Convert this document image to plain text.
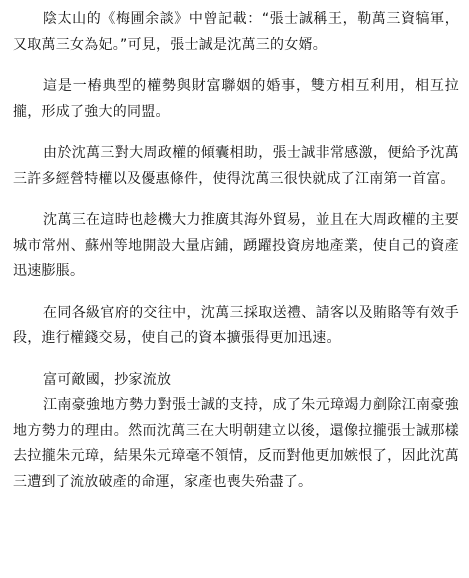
陰太山的《梅圃余談》中曾記載：“張士誠稱王，勒萬三資犒軍，又取萬三女為妃。”可見，張士誠是沈萬三的女婿。

這是一樁典型的權勢與財富聯姻的婚事，雙方相互利用，相互拉攏，形成了強大的同盟。

由於沈萬三對大周政權的傾囊相助，張士誠非常感激，便給予沈萬三許多經營特權以及優惠條件，使得沈萬三很快就成了江南第一首富。

沈萬三在這時也趁機大力推廣其海外貿易，並且在大周政權的主要城市常州、蘇州等地開設大量店鋪，踴躍投資房地產業，使自己的資產迅速膨脹。

在同各級官府的交往中，沈萬三採取送禮、請客以及賄賂等有效手段，進行權錢交易，使自己的資本擴張得更加迅速。

富可敵國，抄家流放

江南豪強地方勢力對張士誠的支持，成了朱元璋竭力剷除江南豪強地方勢力的理由。然而沈萬三在大明朝建立以後，還像拉攏張士誠那樣去拉攏朱元璋，結果朱元璋毫不領情，反而對他更加嫉恨了，因此沈萬三遭到了流放破產的命運，家產也喪失殆盡了。
